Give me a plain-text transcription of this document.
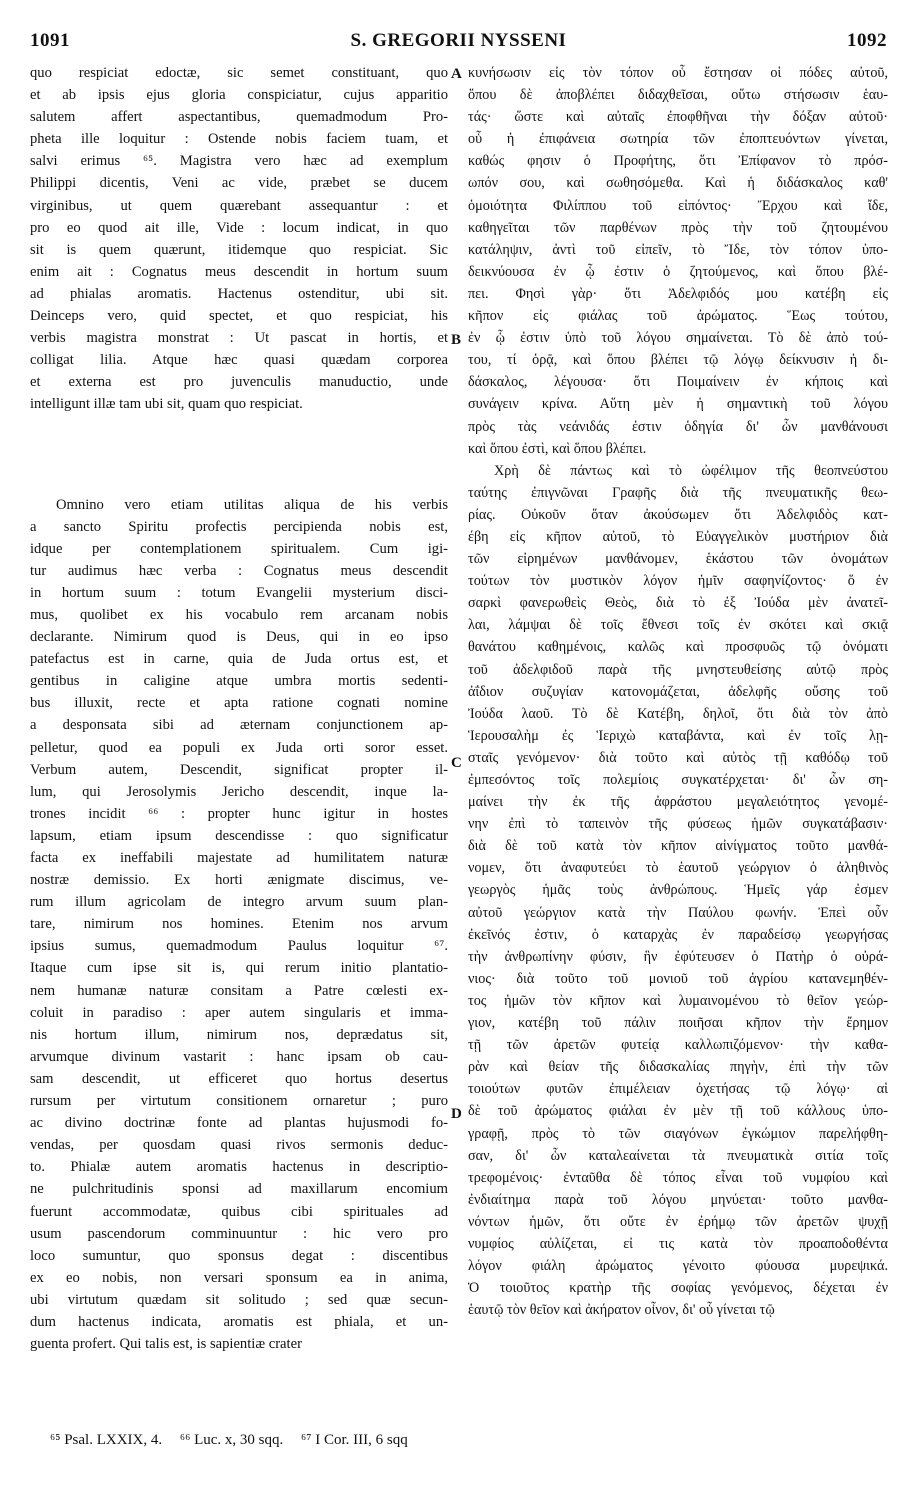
1091	S. GREGORII NYSSENI	1092
quo respiciat edoctæ, sic semet constituant, quo
et ab ipsis ejus gloria conspiciatur, cujus apparitio
salutem affert aspectantibus, quemadmodum Pro-
pheta ille loquitur : Ostende nobis faciem tuam, et
salvi erimus ⁶⁵. Magistra vero hæc ad exemplum
Philippi dicentis, Veni ac vide, præbet se ducem
virginibus, ut quem quærebant assequantur : et
pro eo quod ait ille, Vide : locum indicat, in quo
sit is quem quærunt, itidemque quo respiciat. Sic
enim ait : Cognatus meus descendit in hortum suum
ad phialas aromatis. Hactenus ostenditur, ubi sit.
Deinceps vero, quid spectet, et quo respiciat, his
verbis magistra monstrat : Ut pascat in hortis, et
colligat lilia. Atque hæc quasi quædam corporea
et externa est pro juvenculis manuductio, unde
intelligunt illæ tam ubi sit, quam quo respiciat.
Omnino vero etiam utilitas aliqua de his verbis
a sancto Spiritu profectis percipienda nobis est,
idque per contemplationem spiritualem. Cum igi-
tur audimus hæc verba : Cognatus meus descendit
in hortum suum : totum Evangelii mysterium disci-
mus, quolibet ex his vocabulo rem arcanam nobis
declarante. Nimirum quod is Deus, qui in eo ipso
patefactus est in carne, quia de Juda ortus est, et
gentibus in caligine atque umbra mortis sedenti-
bus illuxit, recte et apta ratione cognati nomine
a desponsata sibi ad æternam conjunctionem ap-
pelletur, quod ea populi ex Juda orti soror esset.
Verbum autem, Descendit, significat propter il-
lum, qui Jerosolymis Jericho descendit, inque la-
trones incidit ⁶⁶ : propter hunc igitur in hostes
lapsum, etiam ipsum descendisse : quo significatur
facta ex ineffabili majestate ad humilitatem naturæ
nostræ demissio. Ex horti ænigmate discimus, ve-
rum illum agricolam de integro arvum suum plan-
tare, nimirum nos homines. Etenim nos arvum
ipsius sumus, quemadmodum Paulus loquitur ⁶⁷.
Itaque cum ipse sit is, qui rerum initio plantatio-
nem humanæ naturæ consitam a Patre cœlesti ex-
coluit in paradiso : aper autem singularis et imma-
nis hortum illum, nimirum nos, deprædatus sit,
arvumque divinum vastarit : hanc ipsam ob cau-
sam descendit, ut efficeret quo hortus desertus
rursum per virtutum consitionem ornaretur ; puro
ac divino doctrinæ fonte ad plantas hujusmodi fo-
vendas, per quosdam quasi rivos sermonis deduc-
to. Phialæ autem aromatis hactenus in descriptio-
ne pulchritudinis sponsi ad maxillarum encomium
fuerunt accommodatæ, quibus cibi spirituales ad
usum pascendorum comminuuntur : hic vero pro
loco sumuntur, quo sponsus degat : discentibus
ex eo nobis, non versari sponsum ea in anima,
ubi virtutum quædam sit solitudo ; sed quæ secun-
dum hactenus indicata, aromatis est phiala, et un-
guenta profert. Qui talis est, is sapientiæ crater
κυνήσωσιν εἰς τὸν τόπον οὗ ἔστησαν οἱ πόδες αὐτοῦ,
ὅπου δὲ ἀποβλέπει διδαχθεῖσαι, οὕτω στήσωσιν ἑαυ-
τάς· ὥστε καὶ αὐταῖς ἐποφθῆναι τὴν δόξαν αὐτοῦ·
οὗ ἡ ἐπιφάνεια σωτηρία τῶν ἐποπτευόντων γίνεται,
καθώς φησιν ὁ Προφήτης, ὅτι Ἐπίφανον τὸ πρόσ-
ωπόν σου, καὶ σωθησόμεθα. Καὶ ἡ διδάσκαλος καθ'
ὁμοιότητα Φιλίππου τοῦ εἰπόντος· Ἔρχου καὶ ἴδε,
καθηγεῖται τῶν παρθένων πρὸς τὴν τοῦ ζητουμένου
κατάληψιν, ἀντὶ τοῦ εἰπεῖν, τὸ Ἴδε, τὸν τόπον ὑπο-
δεικνύουσα ἐν ᾧ ἐστιν ὁ ζητούμενος, καὶ ὅπου βλέ-
πει. Φησὶ γὰρ· ὅτι Ἀδελφιδός μου κατέβη εἰς
κῆπον εἰς φιάλας τοῦ ἀρώματος. Ἕως τούτου,
ἐν ᾧ ἐστιν ὑπὸ τοῦ λόγου σημαίνεται. Τὸ δὲ ἀπὸ τού-
του, τί ὁρᾷ, καὶ ὅπου βλέπει τῷ λόγῳ δείκνυσιν ἡ δι-
δάσκαλος, λέγουσα· ὅτι Ποιμαίνειν ἐν κήποις καὶ
συνάγειν κρίνα. Αὕτη μὲν ἡ σημαντικὴ τοῦ λόγου
πρὸς τὰς νεάνιδάς ἐστιν ὁδηγία δι' ὧν μανθάνουσι
καὶ ὅπου ἐστὶ, καὶ ὅπου βλέπει.
Χρὴ δὲ πάντως καὶ τὸ ὠφέλιμον τῆς θεοπνεύστου
ταύτης ἐπιγνῶναι Γραφῆς διὰ τῆς πνευματικῆς θεω-
ρίας. Οὐκοῦν ὅταν ἀκούσωμεν ὅτι Ἀδελφιδὸς κατ-
έβη εἰς κῆπον αὐτοῦ, τὸ Εὐαγγελικὸν μυστήριον διὰ
τῶν εἰρημένων μανθάνομεν, ἑκάστου τῶν ὀνομάτων
τούτων τὸν μυστικὸν λόγον ἡμῖν σαφηνίζοντος· ὅ ἐν
σαρκὶ φανερωθεὶς Θεὸς, διὰ τὸ ἐξ Ἰούδα μὲν ἀνατεῖ-
λαι, λάμψαι δὲ τοῖς ἔθνεσι τοῖς ἐν σκότει καὶ σκιᾷ
θανάτου καθημένοις, καλῶς καὶ προσφυῶς τῷ ὀνόματι
τοῦ ἀδελφιδοῦ παρὰ τῆς μνηστευθείσης αὐτῷ πρὸς
ἀΐδιον συζυγίαν κατονομάζεται, ἀδελφῆς οὔσης τοῦ
Ἰούδα λαοῦ. Τὸ δὲ Κατέβη, δηλοῖ, ὅτι διὰ τὸν ἀπὸ
Ἱερουσαλὴμ ἐς Ἱεριχὼ καταβάντα, καὶ ἐν τοῖς λῃ-
σταῖς γενόμενον· διὰ τοῦτο καὶ αὐτὸς τῇ καθόδῳ τοῦ
ἐμπεσόντος τοῖς πολεμίοις συγκατέρχεται· δι' ὧν ση-
μαίνει τὴν ἐκ τῆς ἀφράστου μεγαλειότητος γενομέ-
νην ἐπὶ τὸ ταπεινὸν τῆς φύσεως ἡμῶν συγκατάβασιν·
διὰ δὲ τοῦ κατὰ τὸν κῆπον αἰνίγματος τοῦτο μανθά-
νομεν, ὅτι ἀναφυτεύει τὸ ἑαυτοῦ γεώργιον ὁ ἀληθινὸς
γεωργὸς ἡμᾶς τοὺς ἀνθρώπους. Ἡμεῖς γάρ ἐσμεν
αὐτοῦ γεώργιον κατὰ τὴν Παύλου φωνήν. Ἐπεὶ οὖν
ἐκεῖνός ἐστιν, ὁ καταρχὰς ἐν παραδείσῳ γεωργήσας
τὴν ἀνθρωπίνην φύσιν, ἣν ἐφύτευσεν ὁ Πατὴρ ὁ οὐρά-
νιος· διὰ τοῦτο τοῦ μονιοῦ τοῦ ἀγρίου καταvεμηθέν-
τος ἡμῶν τὸν κῆπον καὶ λυμαινομένου τὸ θεῖον γεώρ-
γιον, κατέβη τοῦ πάλιν ποιῆσαι κῆπον τὴν ἔρημον
τῇ τῶν ἀρετῶν φυτείᾳ καλλωπιζόμενον· τὴν καθα-
ρὰν καὶ θείαν τῆς διδασκαλίας πηγὴν, ἐπὶ τὴν τῶν
τοιούτων φυτῶν ἐπιμέλειαν ὀχετήσας τῷ λόγῳ· αἱ
δὲ τοῦ ἀρώματος φιάλαι ἐν μὲν τῇ τοῦ κάλλους ὑπο-
γραφῇ, πρὸς τὸ τῶν σιαγόνων ἐγκώμιον παρελήφθη-
σαν, δι' ὧν καταλεαίνεται τὰ πνευματικὰ σιτία τοῖς
τρεφομένοις· ἐνταῦθα δὲ τόπος εἶναι τοῦ νυμφίου καὶ
ἐνδιαίτημα παρὰ τοῦ λόγου μηνύεται· τοῦτο μανθα-
νόντων ἡμῶν, ὅτι οὔτε ἐν ἐρήμῳ τῶν ἀρετῶν ψυχῇ
νυμφίος αὐλίζεται, εἰ τις κατὰ τὸν προαποδοθέντα
λόγον φιάλη ἀρώματος γένοιτο φύουσα μυρεψικά.
Ὁ τοιοῦτος κρατὴρ τῆς σοφίας γενόμενος, δέχεται ἐν
ἑαυτῷ τὸν θεῖον καὶ ἀκήρατον οἶνον, δι' οὗ γίνεται τῷ
A
B
C
D
⁶⁵ Psal. LXXIX, 4. ⁶⁶ Luc. x, 30 sqq. ⁶⁷ I Cor. III, 6 sqq
